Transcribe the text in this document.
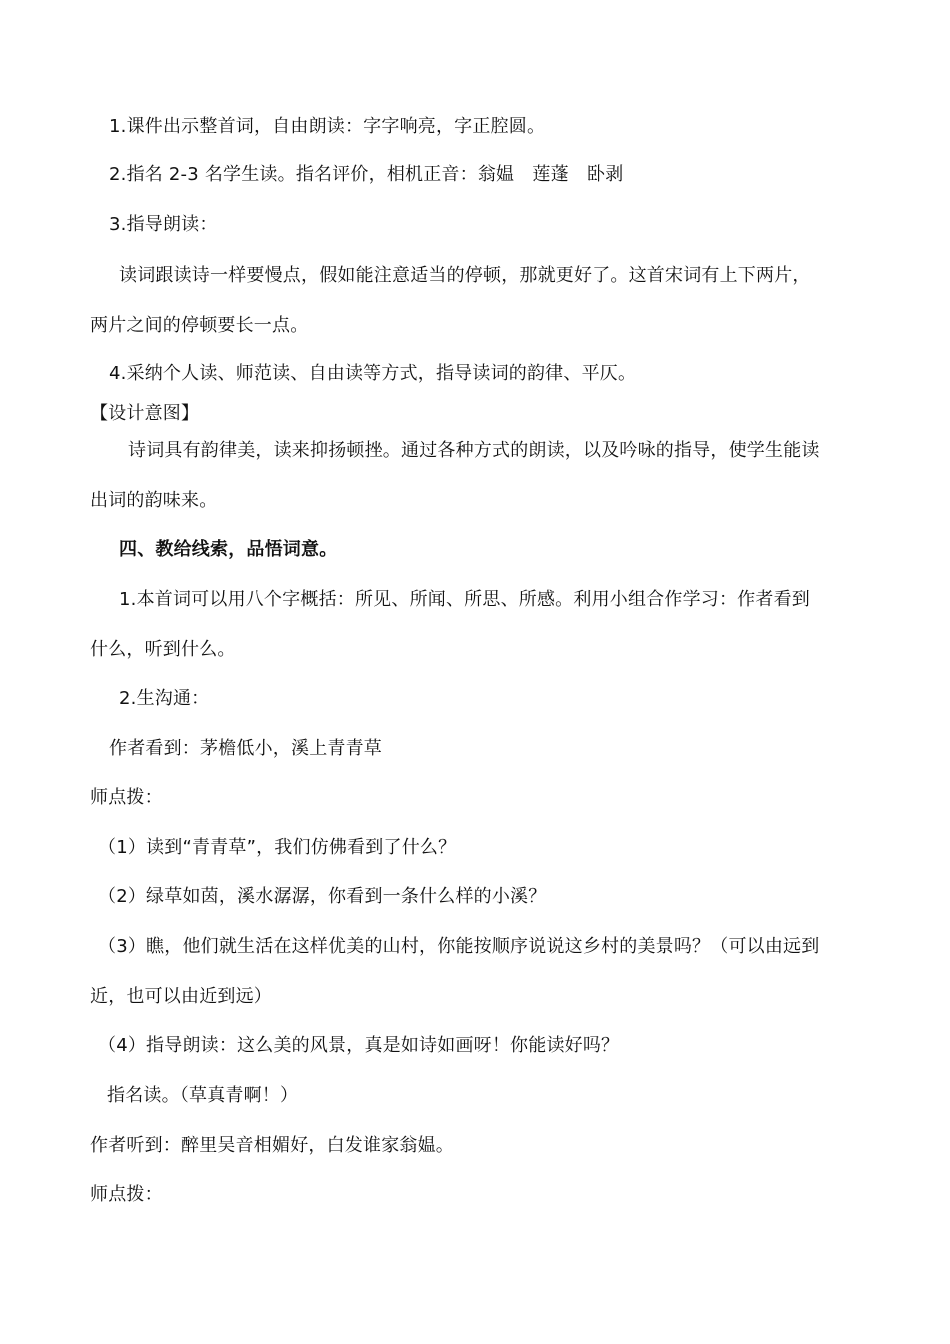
1.课件出示整首词，自由朗读：字字响亮，字正腔圆。
2.指名 2-3 名学生读。指名评价，相机正音：翁媪　莲蓬　卧剥
3.指导朗读：
读词跟读诗一样要慢点，假如能注意适当的停顿，那就更好了。这首宋词有上下两片，
两片之间的停顿要长一点。
4.采纳个人读、师范读、自由读等方式，指导读词的韵律、平仄。
【设计意图】
诗词具有韵律美，读来抑扬顿挫。通过各种方式的朗读，以及吟咏的指导，使学生能读
出词的韵味来。
四、教给线索，品悟词意。
1.本首词可以用八个字概括：所见、所闻、所思、所感。利用小组合作学习：作者看到
什么，听到什么。
2.生沟通：
作者看到：茅檐低小，溪上青青草
师点拨：
（1）读到“青青草”，我们仿佛看到了什么？
（2）绿草如茵，溪水潺潺，你看到一条什么样的小溪？
（3）瞧，他们就生活在这样优美的山村，你能按顺序说说这乡村的美景吗？（可以由远到
近，也可以由近到远）
（4）指导朗读：这么美的风景，真是如诗如画呀！你能读好吗？
指名读。（草真青啊！）
作者听到：醉里吴音相媚好，白发谁家翁媪。
师点拨：
